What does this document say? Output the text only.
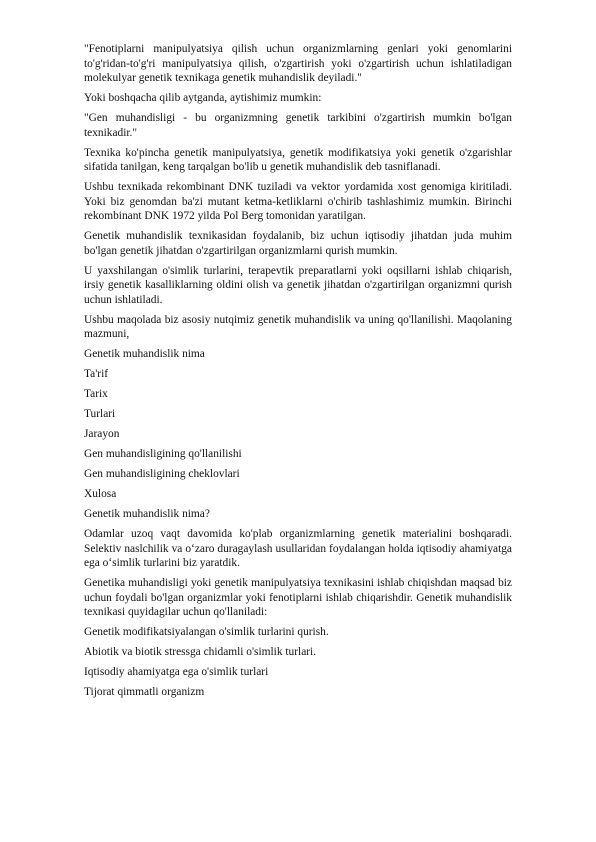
"Fenotiplarni manipulyatsiya qilish uchun organizmlarning genlari yoki genomlarini to'g'ridan-to'g'ri manipulyatsiya qilish, o'zgartirish yoki o'zgartirish uchun ishlatiladigan molekulyar genetik texnikaga genetik muhandislik deyiladi."

Yoki boshqacha qilib aytganda, aytishimiz mumkin:

"Gen muhandisligi - bu organizmning genetik tarkibini o'zgartirish mumkin bo'lgan texnikadir."

Texnika ko'pincha genetik manipulyatsiya, genetik modifikatsiya yoki genetik o'zgarishlar sifatida tanilgan, keng tarqalgan bo'lib u genetik muhandislik deb tasniflanadi.

Ushbu texnikada rekombinant DNK tuziladi va vektor yordamida xost genomiga kiritiladi. Yoki biz genomdan ba'zi mutant ketma-ketliklarni o'chirib tashlashimiz mumkin. Birinchi rekombinant DNK 1972 yilda Pol Berg tomonidan yaratilgan.

Genetik muhandislik texnikasidan foydalanib, biz uchun iqtisodiy jihatdan juda muhim bo'lgan genetik jihatdan o'zgartirilgan organizmlarni qurish mumkin.

U yaxshilangan o'simlik turlarini, terapevtik preparatlarni yoki oqsillarni ishlab chiqarish, irsiy genetik kasalliklarning oldini olish va genetik jihatdan o'zgartirilgan organizmni qurish uchun ishlatiladi.

Ushbu maqolada biz asosiy nutqimiz genetik muhandislik va uning qo'llanilishi. Maqolaning mazmuni,

Genetik muhandislik nima

Ta'rif

Tarix

Turlari

Jarayon

Gen muhandisligining qo'llanilishi

Gen muhandisligining cheklovlari

Xulosa

Genetik muhandislik nima?

Odamlar uzoq vaqt davomida ko'plab organizmlarning genetik materialini boshqaradi. Selektiv naslchilik va o‘zaro duragaylash usullaridan foydalangan holda iqtisodiy ahamiyatga ega o‘simlik turlarini biz yaratdik.

Genetika muhandisligi yoki genetik manipulyatsiya texnikasini ishlab chiqishdan maqsad biz uchun foydali bo'lgan organizmlar yoki fenotiplarni ishlab chiqarishdir. Genetik muhandislik texnikasi quyidagilar uchun qo'llaniladi:

Genetik modifikatsiyalangan o'simlik turlarini qurish.

Abiotik va biotik stressga chidamli o'simlik turlari.

Iqtisodiy ahamiyatga ega o'simlik turlari

Tijorat qimmatli organizm
